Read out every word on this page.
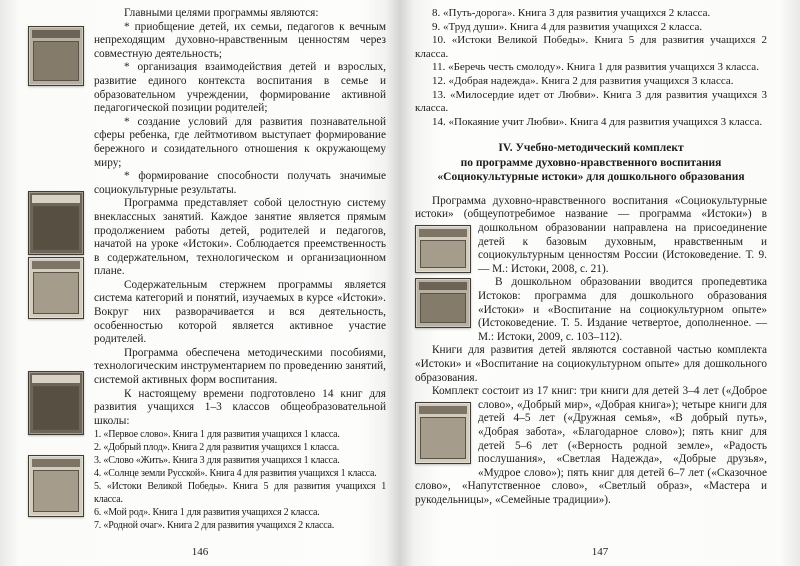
Главными целями программы являются:

* приобщение детей, их семьи, педагогов к вечным непреходящим духовно-нравственным ценностям через совместную деятельность;

* организация взаимодействия детей и взрослых, развитие единого контекста воспитания в семье и образовательном учреждении, формирование активной педагогической позиции родителей;

* создание условий для развития познавательной сферы ребенка, где лейтмотивом выступает формирование бережного и созидательного отношения к окружающему миру;

* формирование способности получать значимые социокультурные результаты.

Программа представляет собой целостную систему внеклассных занятий. Каждое занятие является прямым продолжением работы детей, родителей и педагогов, начатой на уроке «Истоки». Соблюдается преемственность в содержательном, технологическом и организационном плане.

Содержательным стержнем программы является система категорий и понятий, изучаемых в курсе «Истоки». Вокруг них разворачивается и вся деятельность, особенностью которой является активное участие родителей.

Программа обеспечена методическими пособиями, технологическим инструментарием по проведению занятий, системой активных форм воспитания.

К настоящему времени подготовлено 14 книг для развития учащихся 1–3 классов общеобразовательной школы:

1. «Первое слово». Книга 1 для развития учащихся 1 класса.

2. «Добрый плод». Книга 2 для развития учащихся 1 класса.

3. «Слово «Жить». Книга 3 для развития учащихся 1 класса.

4. «Солнце земли Русской». Книга 4 для развития учащихся 1 класса.

5. «Истоки Великой Победы». Книга 5 для развития учащихся 1 класса.

6. «Мой род». Книга 1 для развития учащихся 2 класса.

7. «Родной очаг». Книга 2 для развития учащихся 2 класса.

146

8. «Путь-дорога». Книга 3 для развития учащихся 2 класса.

9. «Труд души». Книга 4 для развития учащихся 2 класса.

10. «Истоки Великой Победы». Книга 5 для развития учащихся 2 класса.

11. «Беречь честь смолоду». Книга 1 для развития учащихся 3 класса.

12. «Добрая надежда». Книга 2 для развития учащихся 3 класса.

13. «Милосердие идет от Любви». Книга 3 для развития учащихся 3 класса.

14. «Покаяние учит Любви». Книга 4 для развития учащихся 3 класса.

IV. Учебно-методический комплект
по программе духовно-нравственного воспитания
«Социокультурные истоки» для дошкольного образования

Программа духовно-нравственного воспитания «Социокультурные истоки» (общеупотребимое название — программа «Истоки») в дошкольном образовании направлена на присоединение детей к базовым духовным, нравственным и социокультурным ценностям России (Истоковедение. Т. 9. — М.: Истоки, 2008, с. 21).

В дошкольном образовании вводится пропедевтика Истоков: программа для дошкольного образования «Истоки» и «Воспитание на социокультурном опыте» (Истоковедение. Т. 5. Издание четвертое, дополненное. — М.: Истоки, 2009, с. 103–112).

Книги для развития детей являются составной частью комплекта «Истоки» и «Воспитание на социокультурном опыте» для дошкольного образования.

Комплект состоит из 17 книг: три книги для детей 3–4 лет («Доброе слово», «Добрый мир», «Добрая книга»); четыре книги для детей 4–5 лет («Дружная семья», «В добрый путь», «Добрая забота», «Благодарное слово»); пять книг для детей 5–6 лет («Верность родной земле», «Радость послушания», «Светлая Надежда», «Добрые друзья», «Мудрое слово»); пять книг для детей 6–7 лет («Сказочное слово», «Напутственное слово», «Светлый образ», «Мастера и рукодельницы», «Семейные традиции»).

147
